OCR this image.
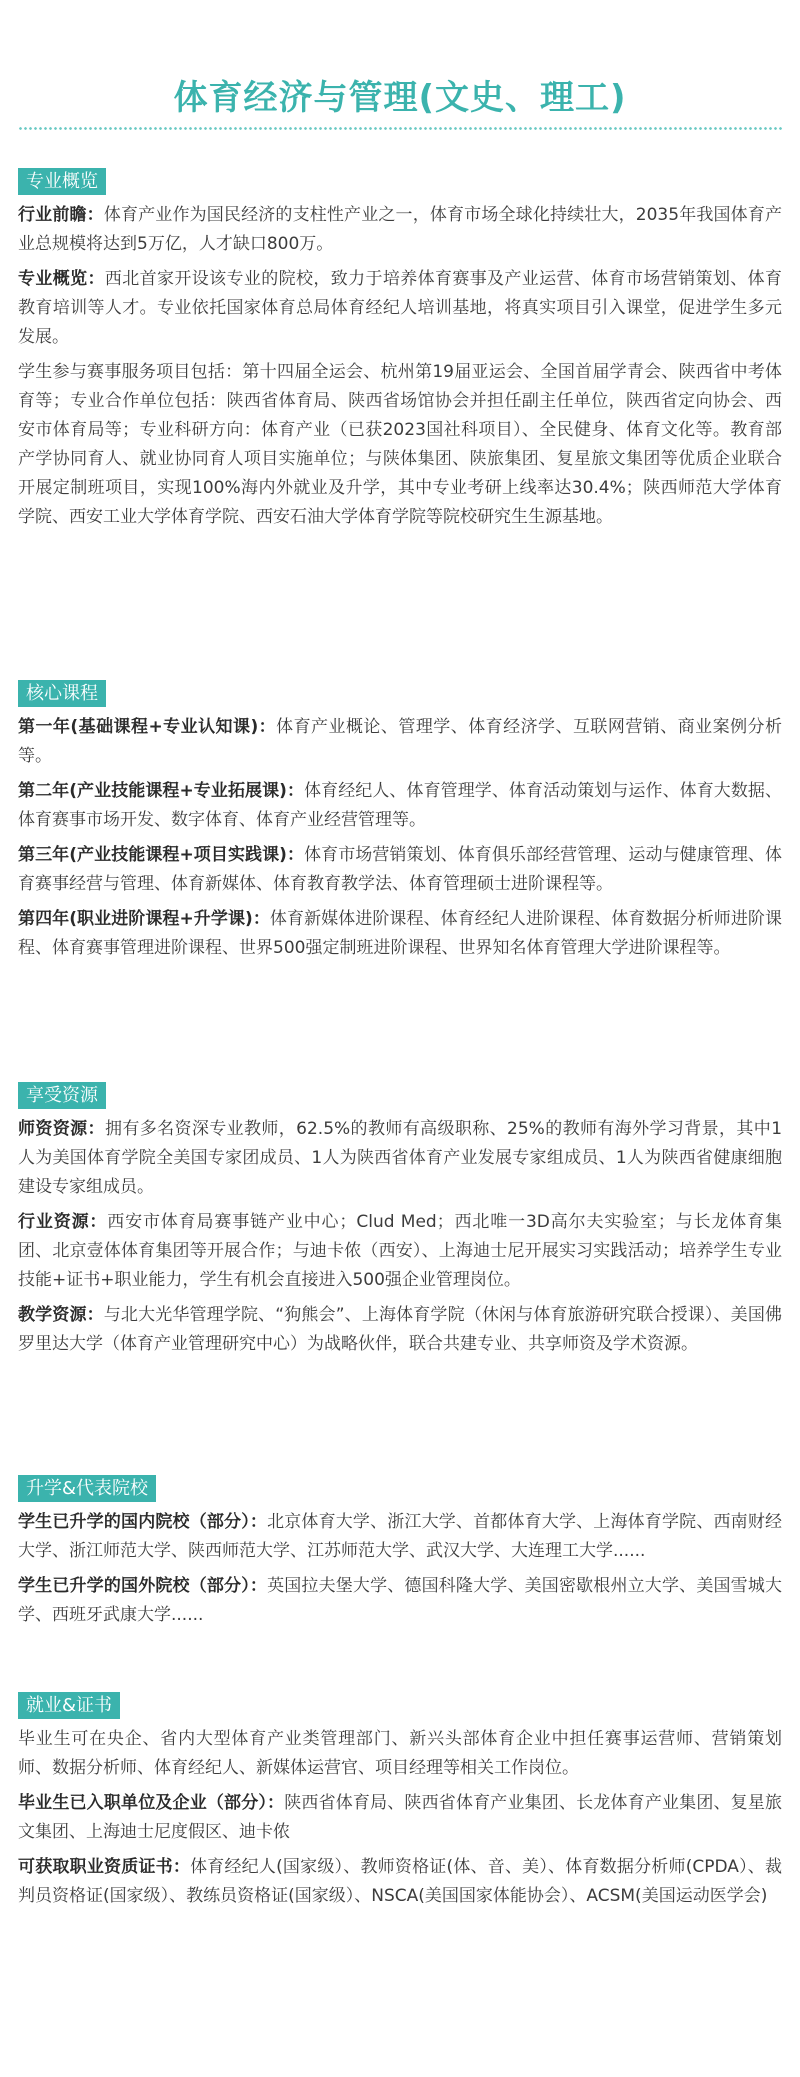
体育经济与管理(文史、理工)
专业概览

行业前瞻：体育产业作为国民经济的支柱性产业之一，体育市场全球化持续壮大，2035年我国体育产业总规模将达到5万亿，人才缺口800万。

专业概览：西北首家开设该专业的院校，致力于培养体育赛事及产业运营、体育市场营销策划、体育教育培训等人才。专业依托国家体育总局体育经纪人培训基地，将真实项目引入课堂，促进学生多元发展。

学生参与赛事服务项目包括：第十四届全运会、杭州第19届亚运会、全国首届学青会、陕西省中考体育等；专业合作单位包括：陕西省体育局、陕西省场馆协会并担任副主任单位，陕西省定向协会、西安市体育局等；专业科研方向：体育产业（已获2023国社科项目）、全民健身、体育文化等。教育部产学协同育人、就业协同育人项目实施单位；与陕体集团、陕旅集团、复星旅文集团等优质企业联合开展定制班项目，实现100%海内外就业及升学，其中专业考研上线率达30.4%；陕西师范大学体育学院、西安工业大学体育学院、西安石油大学体育学院等院校研究生生源基地。

核心课程

第一年(基础课程+专业认知课)：体育产业概论、管理学、体育经济学、互联网营销、商业案例分析等。

第二年(产业技能课程+专业拓展课)：体育经纪人、体育管理学、体育活动策划与运作、体育大数据、体育赛事市场开发、数字体育、体育产业经营管理等。

第三年(产业技能课程+项目实践课)：体育市场营销策划、体育俱乐部经营管理、运动与健康管理、体育赛事经营与管理、体育新媒体、体育教育教学法、体育管理硕士进阶课程等。

第四年(职业进阶课程+升学课)：体育新媒体进阶课程、体育经纪人进阶课程、体育数据分析师进阶课程、体育赛事管理进阶课程、世界500强定制班进阶课程、世界知名体育管理大学进阶课程等。

享受资源

师资资源：拥有多名资深专业教师，62.5%的教师有高级职称、25%的教师有海外学习背景，其中1人为美国体育学院全美国专家团成员、1人为陕西省体育产业发展专家组成员、1人为陕西省健康细胞建设专家组成员。

行业资源：西安市体育局赛事链产业中心；Clud Med；西北唯一3D高尔夫实验室；与长龙体育集团、北京壹体体育集团等开展合作；与迪卡侬（西安）、上海迪士尼开展实习实践活动；培养学生专业技能+证书+职业能力，学生有机会直接进入500强企业管理岗位。

教学资源：与北大光华管理学院、“狗熊会”、上海体育学院（休闲与体育旅游研究联合授课）、美国佛罗里达大学（体育产业管理研究中心）为战略伙伴，联合共建专业、共享师资及学术资源。

升学&代表院校

学生已升学的国内院校（部分）：北京体育大学、浙江大学、首都体育大学、上海体育学院、西南财经大学、浙江师范大学、陕西师范大学、江苏师范大学、武汉大学、大连理工大学......

学生已升学的国外院校（部分）：英国拉夫堡大学、德国科隆大学、美国密歇根州立大学、美国雪城大学、西班牙武康大学......

就业&证书

毕业生可在央企、省内大型体育产业类管理部门、新兴头部体育企业中担任赛事运营师、营销策划师、数据分析师、体育经纪人、新媒体运营官、项目经理等相关工作岗位。

毕业生已入职单位及企业（部分）：陕西省体育局、陕西省体育产业集团、长龙体育产业集团、复星旅文集团、上海迪士尼度假区、迪卡侬

可获取职业资质证书：体育经纪人(国家级）、教师资格证(体、音、美）、体育数据分析师(CPDA）、裁判员资格证(国家级）、教练员资格证(国家级）、NSCA(美国国家体能协会）、ACSM(美国运动医学会)
